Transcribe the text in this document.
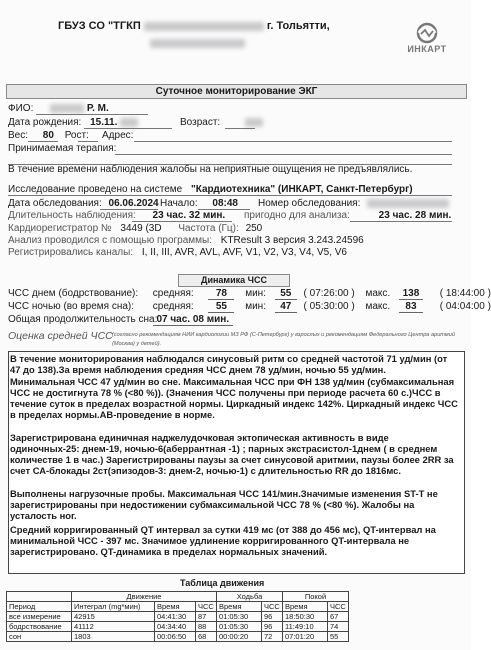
ГБУЗ СО "ТГКП	г. Тольятти,
ИНКАРТ
Суточное мониторирование ЭКГ
ФИО:	Р. М.
Дата рождения: 15.11.	Возраст:
Вес: 80 Рост: Адрес:
Принимаемая терапия:
В течение времени наблюдения жалобы на неприятные ощущения не предъявлялись.
Исследование проведено на системе "Кардиотехника" (ИНКАРТ, Санкт-Петербург)
Дата обследования: 06.06.2024 Начало: 08:48 Номер обследования:
Длительность наблюдения: 23 час. 32 мин. пригодно для анализа:	23 час. 28 мин.
Кардиорегистратор № 3449 (3D Частота (Гц): 250
Анализ проводился с помощью программы: KTResult 3 версия 3.243.24596
Регистрировались каналы: I, II, III, AVR, AVL, AVF, V1, V2, V3, V4, V5, V6
Динамика ЧСС
ЧСС днем (бодрствование): средняя: 78 мин: 55 ( 07:26:00 ) макс. 138 ( 18:44:00 )
ЧСС ночью (во время сна): средняя: 55 мин: 47 ( 05:30:00 ) макс. 83 ( 04:04:00 )
Общая продолжительность сна: 07 час. 08 мин.
Оценка средней ЧСС (согласно рекомендациям НИИ кардиологии МЗ РФ (С-Петербург) у взрослых и рекомендациям Федерального Центра аритмий (Москва) у детей).
В течение мониторирования наблюдался синусовый ритм со средней частотой 71 уд/мин (от 47 до 138).За время наблюдения средняя ЧСС днем 78 уд/мин, ночью 55 уд/мин.
Минимальная ЧСС 47 уд/мин во сне. Максимальная ЧСС при ФН 138 уд/мин (субмаксимальная ЧСС не достигнута 78 % (<80 %)). (Значения ЧСС получены при периоде расчета 60 с.)ЧСС в течение суток в пределах возрастной нормы. Циркадный индекс 142%. Циркадный индекс ЧСС в пределах нормы.АВ-проведение в норме.
Зарегистрирована единичная наджелудочковая эктопическая активность в виде одиночных-25: днем-19, ночью-6(аберрантная -1) ; парных экстрасистол-1днем ( в среднем количестве 1 в час.) Зарегистрированы паузы за счет синусовой аритмии, паузы более 2RR за счет СА-блокады 2ст(эпизодов-3: днем-2, ночью-1) с длительностью RR до 1816мс.
Выполнены нагрузочные пробы. Максимальная ЧСС 141/мин.Значимые изменения ST-T не зарегистрированы при недостижении субмаксимальной ЧСС 78 % (<80 %). Жалобы на усталость ног.
Средний корригированный QT интервал за сутки 419 мс (от 388 до 456 мс), QT-интервал на минимальной ЧСС - 397 мс. Значимое удлинение корригированного QT-интервала не зарегистрировано. QT-динамика в пределах нормальных значений.
Таблица движения
	Движение			Ходьба		Покой	
Период	Интеграл (mg*мин)	Время	ЧСС	Время	ЧСС	Время	ЧСС
все измерение	42915	04:41:30	87	01:05:30	96	18:50:30	67
бодрствование	41112	04:34:40	88	01:05:30	96	11:49:10	74
сон	1803	00:06:50	68	00:00:20	72	07:01:20	55
